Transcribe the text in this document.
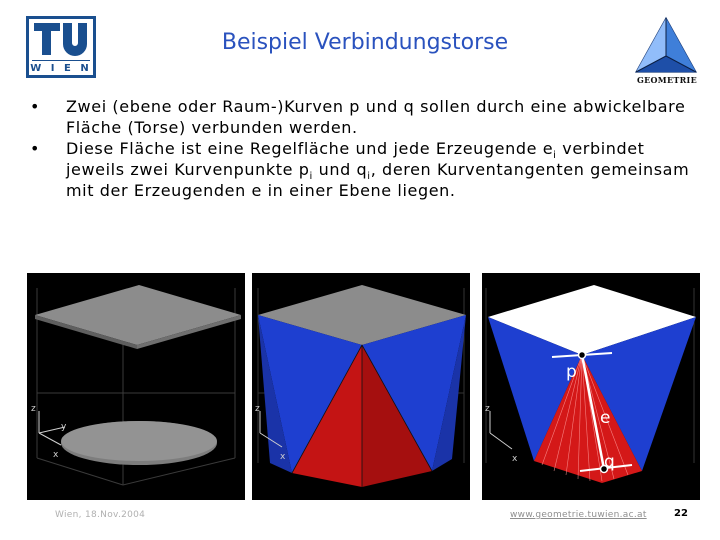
W I E N
Beispiel Verbindungstorse
GEOMETRIE
• Zwei (ebene oder Raum-)Kurven p und q sollen durch eine abwickelbare Fläche (Torse) verbunden werden.
• Diese Fläche ist eine Regelfläche und jede Erzeugende $e_i$ verbindet jeweils zwei Kurvenpunkte $p_i$ und $q_i$, deren Kurventangenten gemeinsam mit der Erzeugenden e in einer Ebene liegen.
z
y
x
z
x
p
e
q
z
x
Wien, 18.Nov.2004	www.geometrie.tuwien.ac.at	22
